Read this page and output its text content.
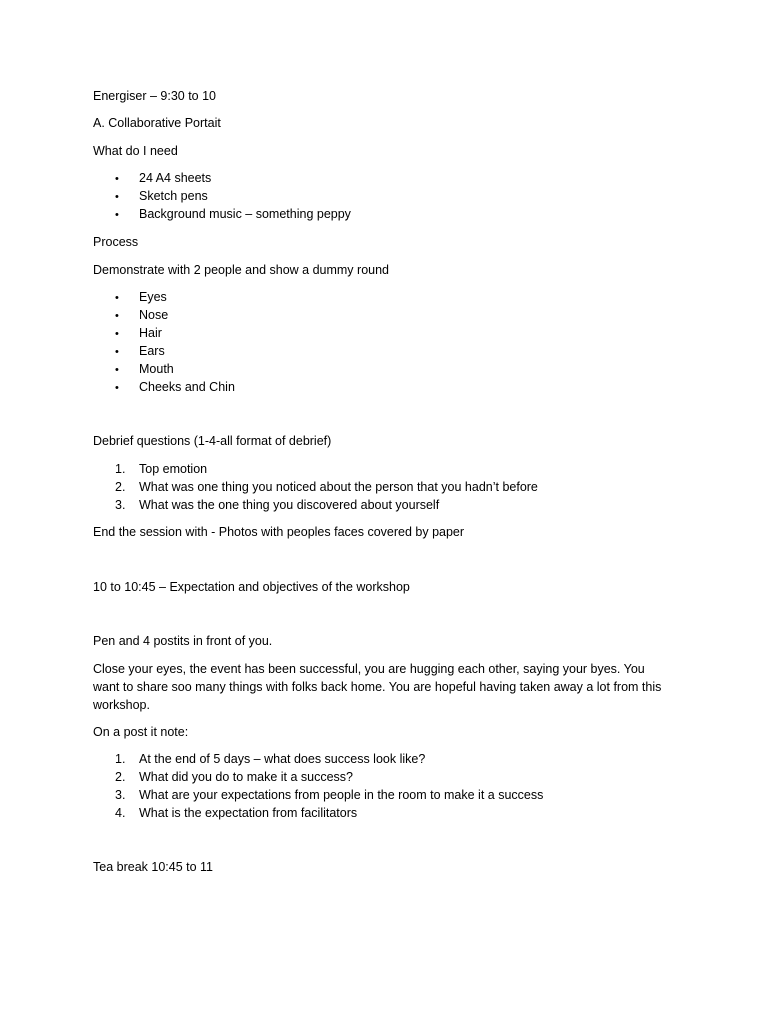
Energiser – 9:30 to 10
A. Collaborative Portait
What do I need
• 24 A4 sheets
• Sketch pens
• Background music – something peppy
Process
Demonstrate with 2 people and show a dummy round
• Eyes
• Nose
• Hair
• Ears
• Mouth
• Cheeks and Chin
Debrief questions (1-4-all format of debrief)
1. Top emotion
2. What was one thing you noticed about the person that you hadn’t before
3. What was the one thing you discovered about yourself
End the session with - Photos with peoples faces covered by paper
10 to 10:45 – Expectation and objectives of the workshop
Pen and 4 postits in front of you.
Close your eyes, the event has been successful, you are hugging each other, saying your byes. You want to share soo many things with folks back home. You are hopeful having taken away a lot from this workshop.
On a post it note:
1. At the end of 5 days – what does success look like?
2. What did you do to make it a success?
3. What are your expectations from people in the room to make it a success
4. What is the expectation from facilitators
Tea break 10:45 to 11
